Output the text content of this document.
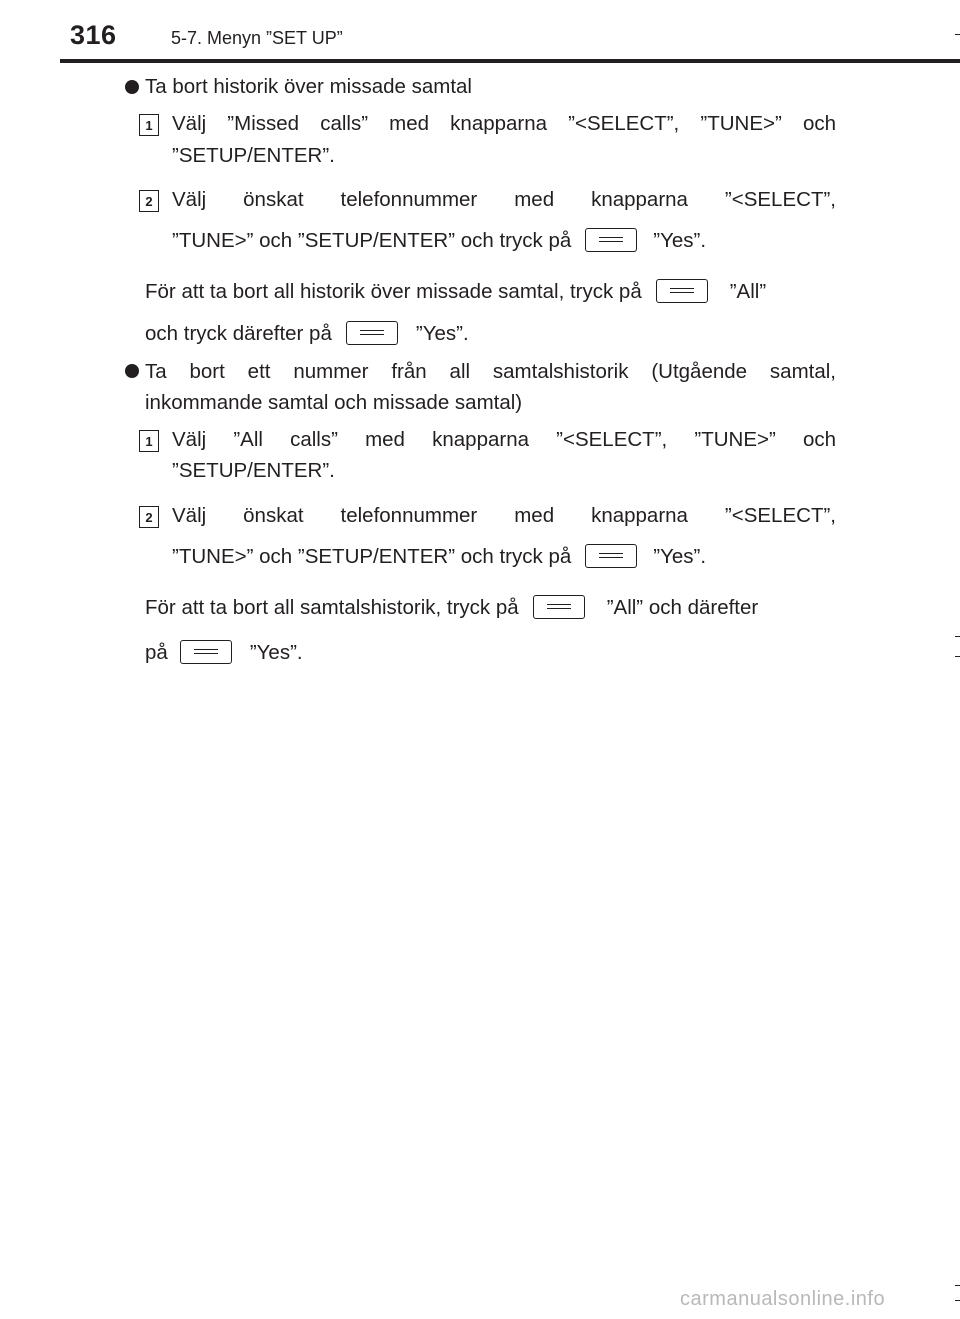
316	5-7. Menyn ”SET UP”
Ta bort historik över missade samtal
1 Välj ”Missed calls” med knapparna ”<SELECT”, ”TUNE>” och
”SETUP/ENTER”.
2 Välj önskat telefonnummer med knapparna ”<SELECT”,
”TUNE>” och ”SETUP/ENTER” och tryck på	”Yes”.
För att ta bort all historik över missade samtal, tryck på	”All”
och tryck därefter på	”Yes”.
Ta bort ett nummer från all samtalshistorik (Utgående samtal,
inkommande samtal och missade samtal)
1 Välj ”All calls” med knapparna ”<SELECT”, ”TUNE>” och
”SETUP/ENTER”.
2 Välj önskat telefonnummer med knapparna ”<SELECT”,
”TUNE>” och ”SETUP/ENTER” och tryck på	”Yes”.
För att ta bort all samtalshistorik, tryck på	”All” och därefter
på	”Yes”.
carmanualsonline.info
